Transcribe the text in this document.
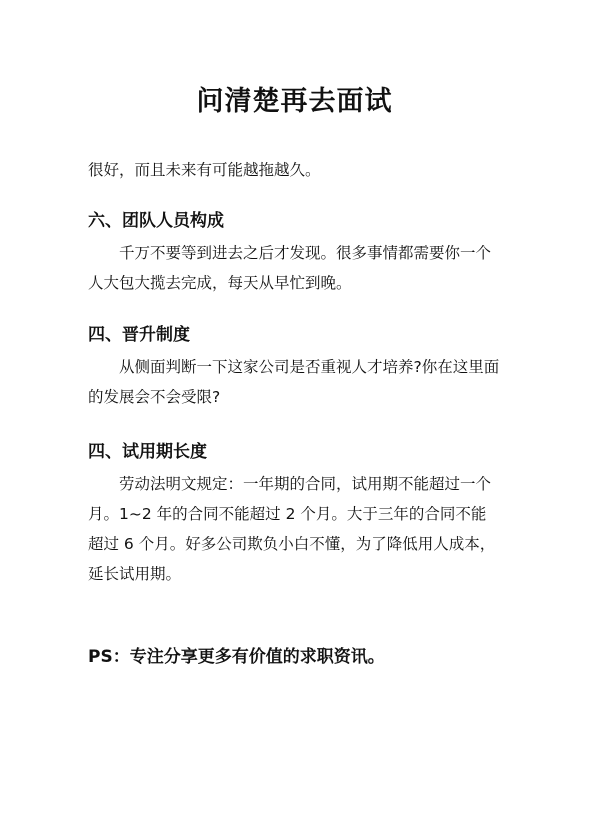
问清楚再去面试

很好，而且未来有可能越拖越久。

六、团队人员构成

千万不要等到进去之后才发现。很多事情都需要你一个人大包大揽去完成，每天从早忙到晚。

四、晋升制度

从侧面判断一下这家公司是否重视人才培养?你在这里面的发展会不会受限?

四、试用期长度

劳动法明文规定：一年期的合同，试用期不能超过一个月。1~2 年的合同不能超过 2 个月。大于三年的合同不能超过 6 个月。好多公司欺负小白不懂，为了降低用人成本，延长试用期。

PS：专注分享更多有价值的求职资讯。
